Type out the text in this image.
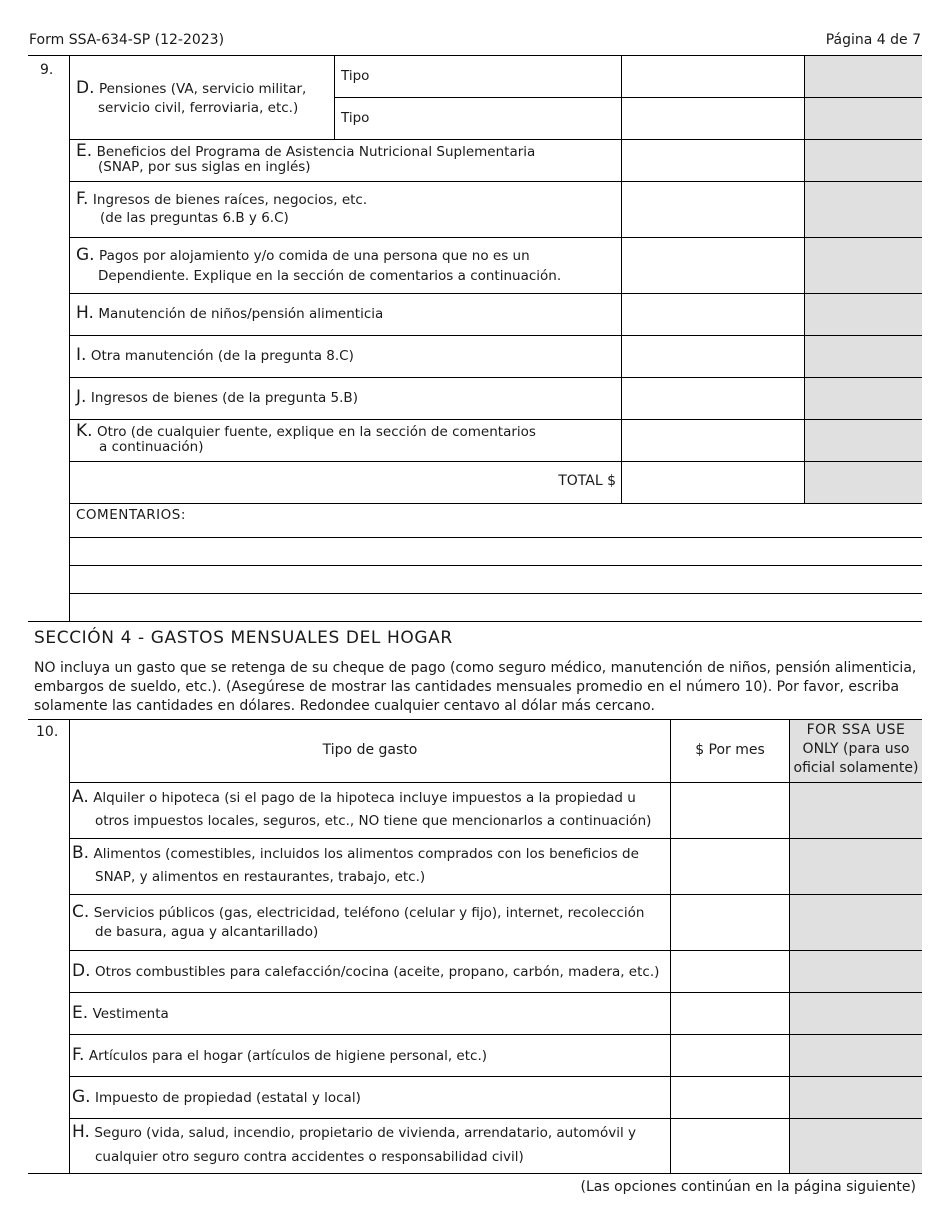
Form SSA-634-SP (12-2023)	Página 4 de 7
9.
D. Pensiones (VA, servicio militar,
servicio civil, ferroviaria, etc.)
Tipo
Tipo
E. Beneficios del Programa de Asistencia Nutricional Suplementaria
(SNAP, por sus siglas en inglés)
F. Ingresos de bienes raíces, negocios, etc.
(de las preguntas 6.B y 6.C)
G. Pagos por alojamiento y/o comida de una persona que no es un
Dependiente. Explique en la sección de comentarios a continuación.
H. Manutención de niños/pensión alimenticia
I. Otra manutención (de la pregunta 8.C)
J. Ingresos de bienes (de la pregunta 5.B)
K. Otro (de cualquier fuente, explique en la sección de comentarios
a continuación)
TOTAL $
COMENTARIOS:
SECCIÓN 4 - GASTOS MENSUALES DEL HOGAR
NO incluya un gasto que se retenga de su cheque de pago (como seguro médico, manutención de niños, pensión alimenticia,
embargos de sueldo, etc.). (Asegúrese de mostrar las cantidades mensuales promedio en el número 10). Por favor, escriba
solamente las cantidades en dólares. Redondee cualquier centavo al dólar más cercano.
10.
Tipo de gasto	$ Por mes
FOR SSA USE
ONLY (para uso
oficial solamente)
A. Alquiler o hipoteca (si el pago de la hipoteca incluye impuestos a la propiedad u
otros impuestos locales, seguros, etc., NO tiene que mencionarlos a continuación)
B. Alimentos (comestibles, incluidos los alimentos comprados con los beneficios de
SNAP, y alimentos en restaurantes, trabajo, etc.)
C. Servicios públicos (gas, electricidad, teléfono (celular y fijo), internet, recolección
de basura, agua y alcantarillado)
D. Otros combustibles para calefacción/cocina (aceite, propano, carbón, madera, etc.)
E. Vestimenta
F. Artículos para el hogar (artículos de higiene personal, etc.)
G. Impuesto de propiedad (estatal y local)
H. Seguro (vida, salud, incendio, propietario de vivienda, arrendatario, automóvil y
cualquier otro seguro contra accidentes o responsabilidad civil)
(Las opciones continúan en la página siguiente)
